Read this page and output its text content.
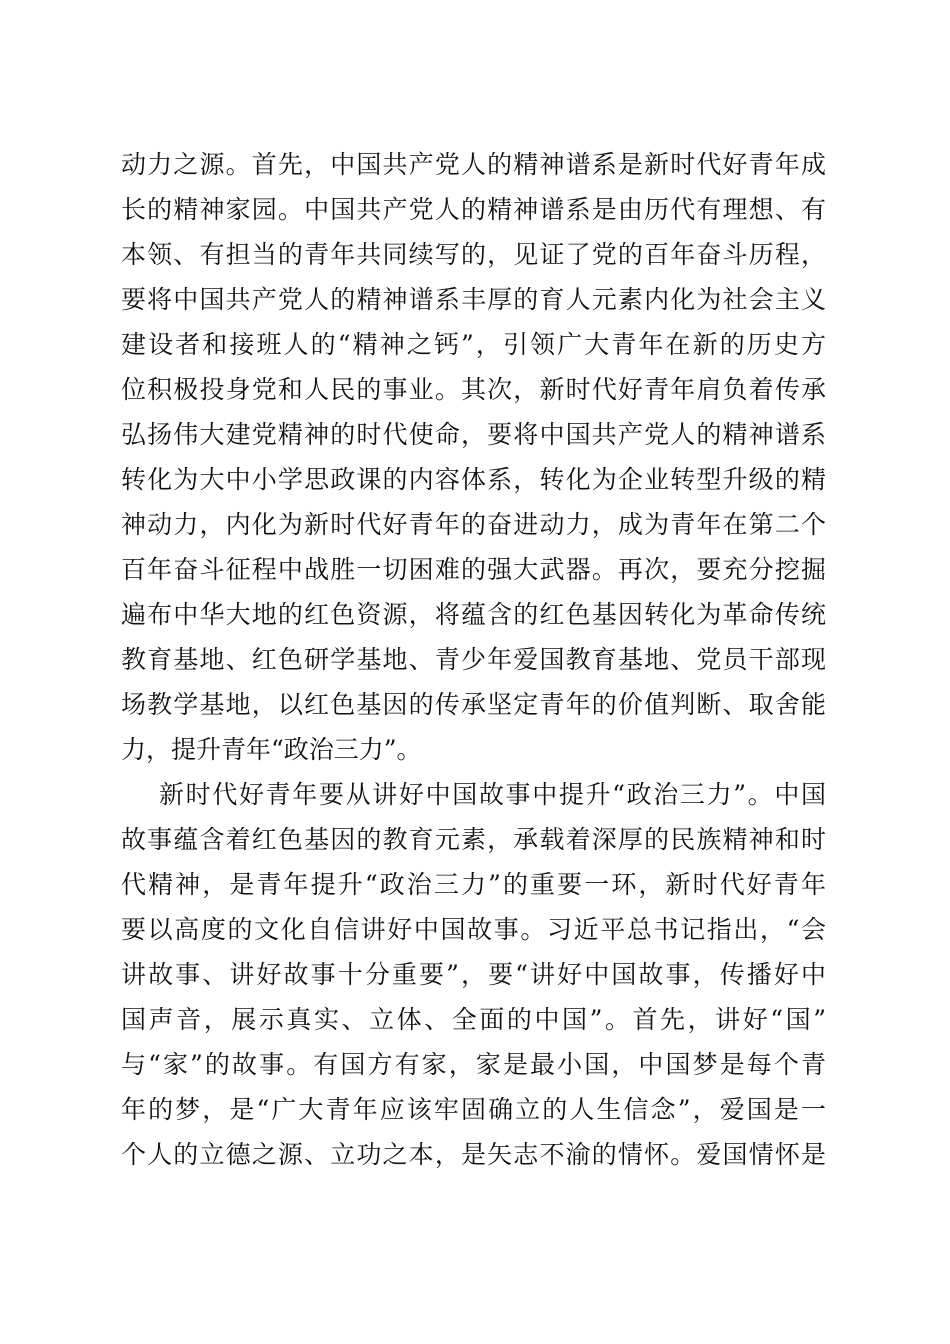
动力之源。首先，中国共产党人的精神谱系是新时代好青年成
长的精神家园。中国共产党人的精神谱系是由历代有理想、有
本领、有担当的青年共同续写的，见证了党的百年奋斗历程，
要将中国共产党人的精神谱系丰厚的育人元素内化为社会主义
建设者和接班人的“精神之钙”，引领广大青年在新的历史方
位积极投身党和人民的事业。其次，新时代好青年肩负着传承
弘扬伟大建党精神的时代使命，要将中国共产党人的精神谱系
转化为大中小学思政课的内容体系，转化为企业转型升级的精
神动力，内化为新时代好青年的奋进动力，成为青年在第二个
百年奋斗征程中战胜一切困难的强大武器。再次，要充分挖掘
遍布中华大地的红色资源，将蕴含的红色基因转化为革命传统
教育基地、红色研学基地、青少年爱国教育基地、党员干部现
场教学基地，以红色基因的传承坚定青年的价值判断、取舍能
力，提升青年“政治三力”。
新时代好青年要从讲好中国故事中提升“政治三力”。中国
故事蕴含着红色基因的教育元素，承载着深厚的民族精神和时
代精神，是青年提升“政治三力”的重要一环，新时代好青年
要以高度的文化自信讲好中国故事。习近平总书记指出，“会
讲故事、讲好故事十分重要”，要“讲好中国故事，传播好中
国声音，展示真实、立体、全面的中国”。首先，讲好“国”
与“家”的故事。有国方有家，家是最小国，中国梦是每个青
年的梦，是“广大青年应该牢固确立的人生信念”，爱国是一
个人的立德之源、立功之本，是矢志不渝的情怀。爱国情怀是
